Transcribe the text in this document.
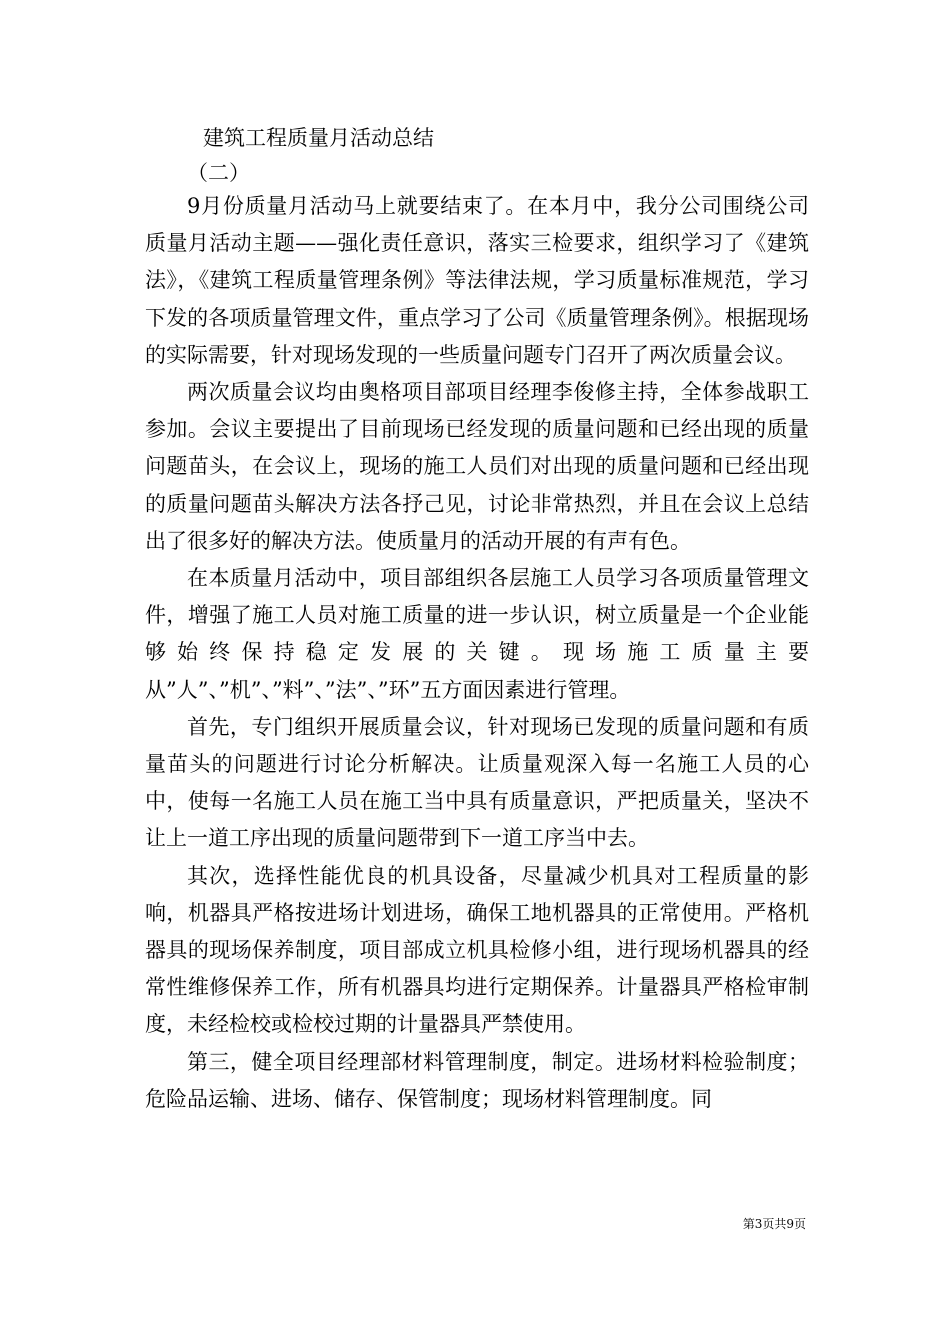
建筑工程质量月活动总结
（二）

9月份质量月活动马上就要结束了。在本月中，我分公司围绕公司质量月活动主题——强化责任意识，落实三检要求，组织学习了《建筑法》，《建筑工程质量管理条例》等法律法规，学习质量标准规范，学习下发的各项质量管理文件，重点学习了公司《质量管理条例》。根据现场的实际需要，针对现场发现的一些质量问题专门召开了两次质量会议。

两次质量会议均由奥格项目部项目经理李俊修主持，全体参战职工参加。会议主要提出了目前现场已经发现的质量问题和已经出现的质量问题苗头，在会议上，现场的施工人员们对出现的质量问题和已经出现的质量问题苗头解决方法各抒己见，讨论非常热烈，并且在会议上总结出了很多好的解决方法。使质量月的活动开展的有声有色。

在本质量月活动中，项目部组织各层施工人员学习各项质量管理文件，增强了施工人员对施工质量的进一步认识，树立质量是一个企业能够始终保持稳定发展的关键。现场施工质量主要从”人”、”机”、”料”、”法”、”环”五方面因素进行管理。

首先，专门组织开展质量会议，针对现场已发现的质量问题和有质量苗头的问题进行讨论分析解决。让质量观深入每一名施工人员的心中，使每一名施工人员在施工当中具有质量意识，严把质量关，坚决不让上一道工序出现的质量问题带到下一道工序当中去。

其次，选择性能优良的机具设备，尽量减少机具对工程质量的影响，机器具严格按进场计划进场，确保工地机器具的正常使用。严格机器具的现场保养制度，项目部成立机具检修小组，进行现场机器具的经常性维修保养工作，所有机器具均进行定期保养。计量器具严格检审制度，未经检校或检校过期的计量器具严禁使用。

第三，健全项目经理部材料管理制度，制定。进场材料检验制度；危险品运输、进场、储存、保管制度；现场材料管理制度。同

第3页共9页
